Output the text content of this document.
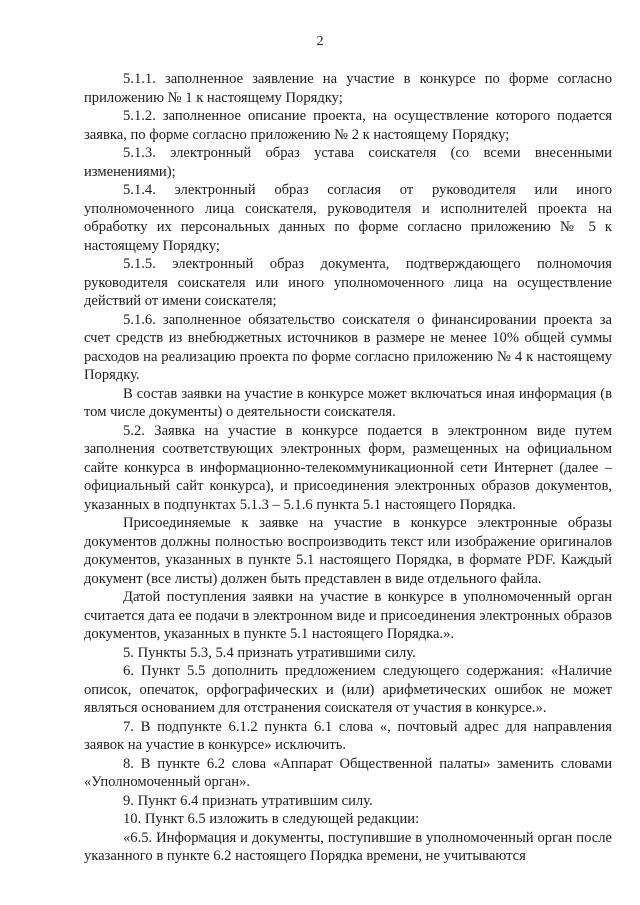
2

5.1.1. заполненное заявление на участие в конкурсе по форме согласно приложению № 1 к настоящему Порядку;

5.1.2. заполненное описание проекта, на осуществление которого подается заявка, по форме согласно приложению № 2 к настоящему Порядку;

5.1.3. электронный образ устава соискателя (со всеми внесенными изменениями);

5.1.4. электронный образ согласия от руководителя или иного уполномоченного лица соискателя, руководителя и исполнителей проекта на обработку их персональных данных по форме согласно приложению № 5 к настоящему Порядку;

5.1.5. электронный образ документа, подтверждающего полномочия руководителя соискателя или иного уполномоченного лица на осуществление действий от имени соискателя;

5.1.6. заполненное обязательство соискателя о финансировании проекта за счет средств из внебюджетных источников в размере не менее 10% общей суммы расходов на реализацию проекта по форме согласно приложению № 4 к настоящему Порядку.

В состав заявки на участие в конкурсе может включаться иная информация (в том числе документы) о деятельности соискателя.

5.2. Заявка на участие в конкурсе подается в электронном виде путем заполнения соответствующих электронных форм, размещенных на официальном сайте конкурса в информационно-телекоммуникационной сети Интернет (далее – официальный сайт конкурса), и присоединения электронных образов документов, указанных в подпунктах 5.1.3 – 5.1.6 пункта 5.1 настоящего Порядка.

Присоединяемые к заявке на участие в конкурсе электронные образы документов должны полностью воспроизводить текст или изображение оригиналов документов, указанных в пункте 5.1 настоящего Порядка, в формате PDF. Каждый документ (все листы) должен быть представлен в виде отдельного файла.

Датой поступления заявки на участие в конкурсе в уполномоченный орган считается дата ее подачи в электронном виде и присоединения электронных образов документов, указанных в пункте 5.1 настоящего Порядка.».

5. Пункты 5.3, 5.4 признать утратившими силу.

6. Пункт 5.5 дополнить предложением следующего содержания: «Наличие описок, опечаток, орфографических и (или) арифметических ошибок не может являться основанием для отстранения соискателя от участия в конкурсе.».

7. В подпункте 6.1.2 пункта 6.1 слова «, почтовый адрес для направления заявок на участие в конкурсе» исключить.

8. В пункте 6.2 слова «Аппарат Общественной палаты» заменить словами «Уполномоченный орган».

9. Пункт 6.4 признать утратившим силу.

10. Пункт 6.5 изложить в следующей редакции:

«6.5. Информация и документы, поступившие в уполномоченный орган после указанного в пункте 6.2 настоящего Порядка времени, не учитываются
